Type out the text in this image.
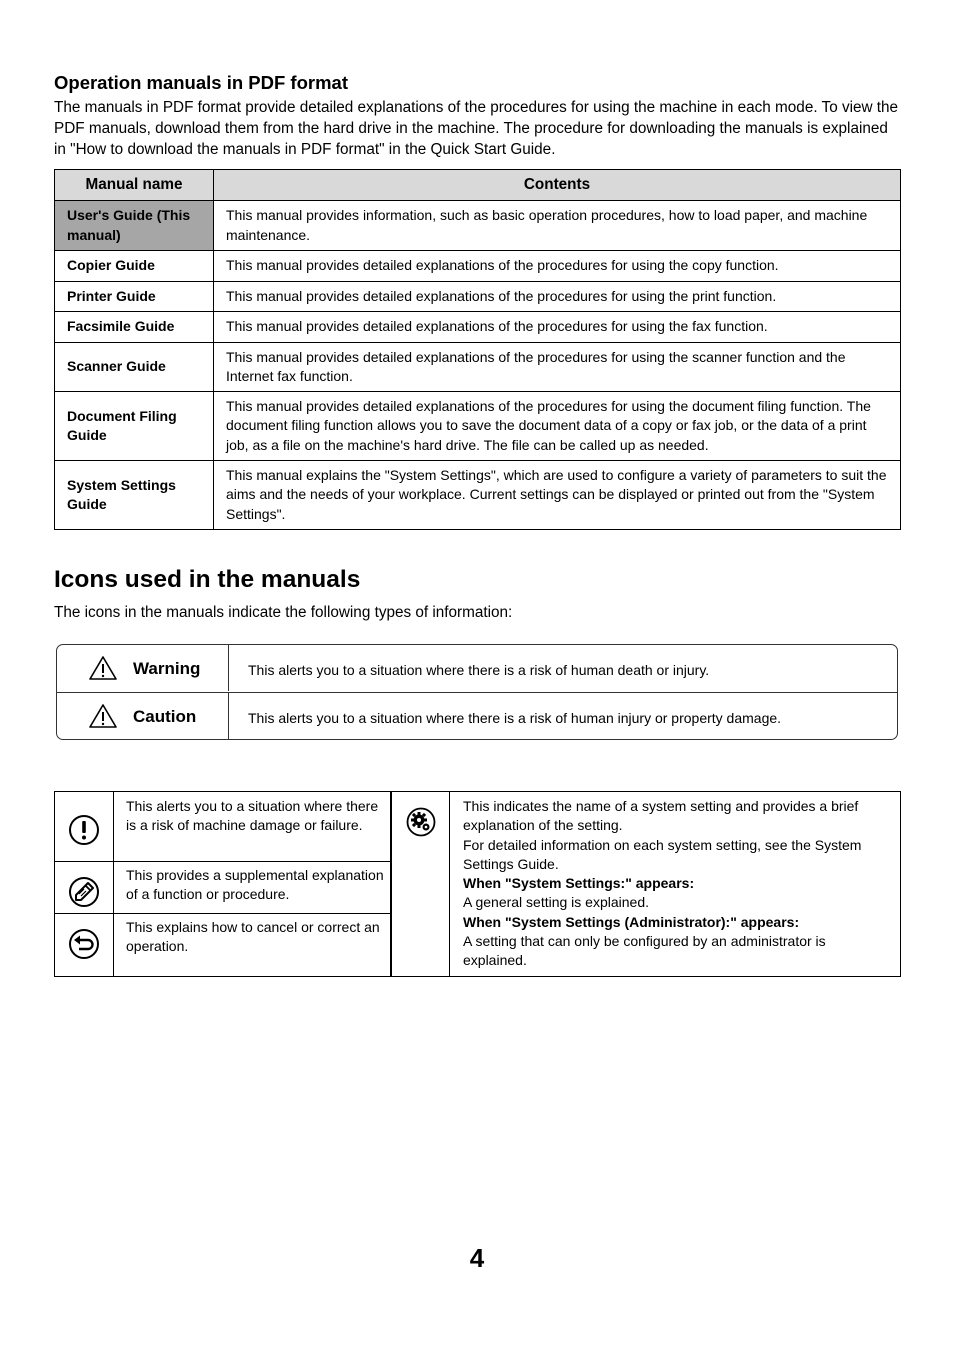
Operation manuals in PDF format

The manuals in PDF format provide detailed explanations of the procedures for using the machine in each mode. To view the PDF manuals, download them from the hard drive in the machine. The procedure for downloading the manuals is explained in "How to download the manuals in PDF format" in the Quick Start Guide.

Manual name	Contents
User's Guide (This manual)	This manual provides information, such as basic operation procedures, how to load paper, and machine maintenance.
Copier Guide	This manual provides detailed explanations of the procedures for using the copy function.
Printer Guide	This manual provides detailed explanations of the procedures for using the print function.
Facsimile Guide	This manual provides detailed explanations of the procedures for using the fax function.
Scanner Guide	This manual provides detailed explanations of the procedures for using the scanner function and the Internet fax function.
Document Filing Guide	This manual provides detailed explanations of the procedures for using the document filing function. The document filing function allows you to save the document data of a copy or fax job, or the data of a print job, as a file on the machine's hard drive. The file can be called up as needed.
System Settings Guide	This manual explains the "System Settings", which are used to configure a variety of parameters to suit the aims and the needs of your workplace. Current settings can be displayed or printed out from the "System Settings".
Icons used in the manuals

The icons in the manuals indicate the following types of information:

Warning	This alerts you to a situation where there is a risk of human death or injury.
Caution	This alerts you to a situation where there is a risk of human injury or property damage.
This alerts you to a situation where there is a risk of machine damage or failure.
This provides a supplemental explanation of a function or procedure.
This explains how to cancel or correct an operation.
This indicates the name of a system setting and provides a brief explanation of the setting.
For detailed information on each system setting, see the System Settings Guide.
When "System Settings:" appears:
A general setting is explained.
When "System Settings (Administrator):" appears:
A setting that can only be configured by an administrator is explained.
4
